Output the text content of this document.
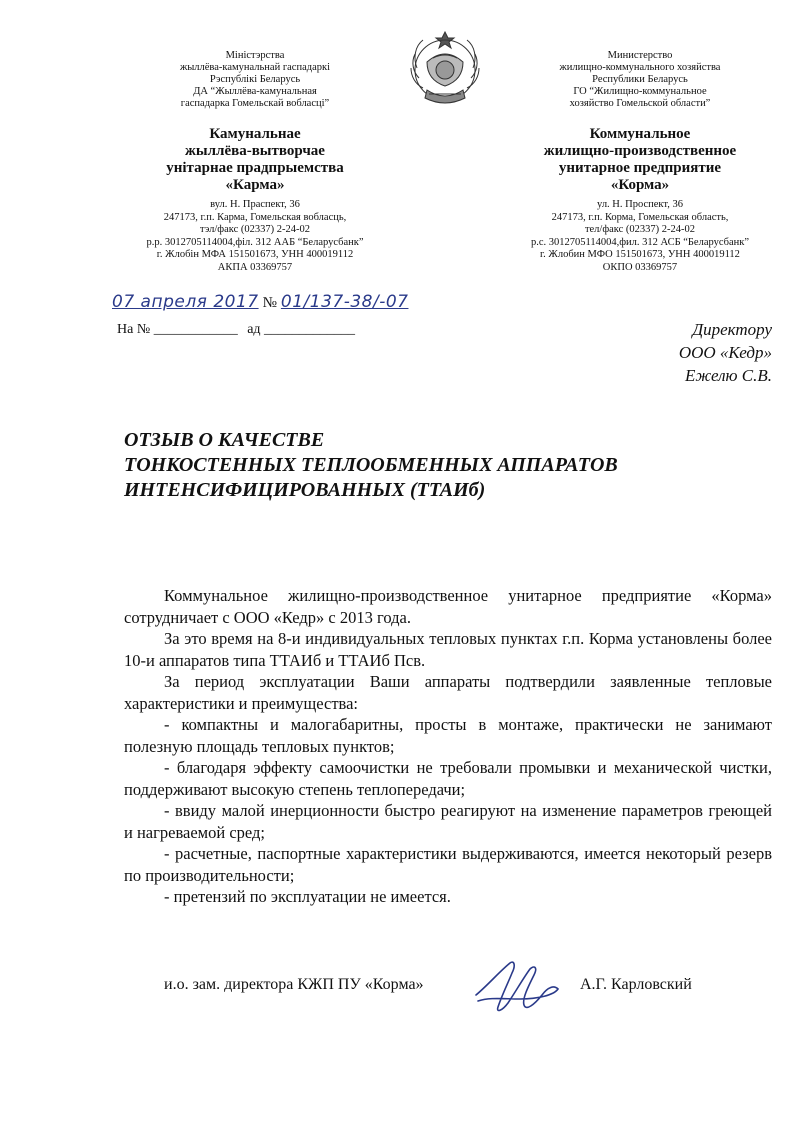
Міністэрства
жыллёва-камунальнай гаспадаркі
Рэспублікі Беларусь
ДА “Жыллёва-камунальная
гаспадарка Гомельскай вобласці”
Камунальнае
жыллёва-вытворчае
унітарнае прадпрыемства
«Карма»
вул. Н. Праспект, 36
247173, г.п. Карма, Гомельская вобласць,
тэл/факс (02337) 2-24-02
р.р. 3012705114004,філ. 312 ААБ “Беларусбанк”
г. Жлобін МФА 151501673, УНН 400019112
АКПА 03369757
Министерство
жилищно-коммунального хозяйства
Республики Беларусь
ГО “Жилищно-коммунальное
хозяйство Гомельской области”
Коммунальное
жилищно-производственное
унитарное предприятие
«Корма»
ул. Н. Проспект, 36
247173, г.п. Корма, Гомельская область,
тел/факс (02337) 2-24-02
р.с. 3012705114004,фил. 312 АСБ “Беларусбанк”
г. Жлобин МФО 151501673, УНН 400019112
ОКПО 03369757
07 апреля 2017 № 01/137-38/-07
На № ____________ ад _____________	Директору
ООО «Кедр»
Ежелю С.В.
ОТЗЫВ О КАЧЕСТВЕ
ТОНКОСТЕННЫХ ТЕПЛООБМЕННЫХ АППАРАТОВ
ИНТЕНСИФИЦИРОВАННЫХ (ТТАИб)

Коммунальное жилищно-производственное унитарное предприятие «Корма» сотрудничает с ООО «Кедр» с 2013 года.

За это время на 8-и индивидуальных тепловых пунктах г.п. Корма установлены более 10-и аппаратов типа ТТАИб и ТТАИб Псв.

За период эксплуатации Ваши аппараты подтвердили заявленные тепловые характеристики и преимущества:

- компактны и малогабаритны, просты в монтаже, практически не занимают полезную площадь тепловых пунктов;

- благодаря эффекту самоочистки не требовали промывки и механической чистки, поддерживают высокую степень теплопередачи;

- ввиду малой инерционности быстро реагируют на изменение параметров греющей и нагреваемой сред;

- расчетные, паспортные характеристики выдерживаются, имеется некоторый резерв по производительности;

- претензий по эксплуатации не имеется.

и.о. зам. директора КЖП ПУ «Корма»	А.Г. Карловский
